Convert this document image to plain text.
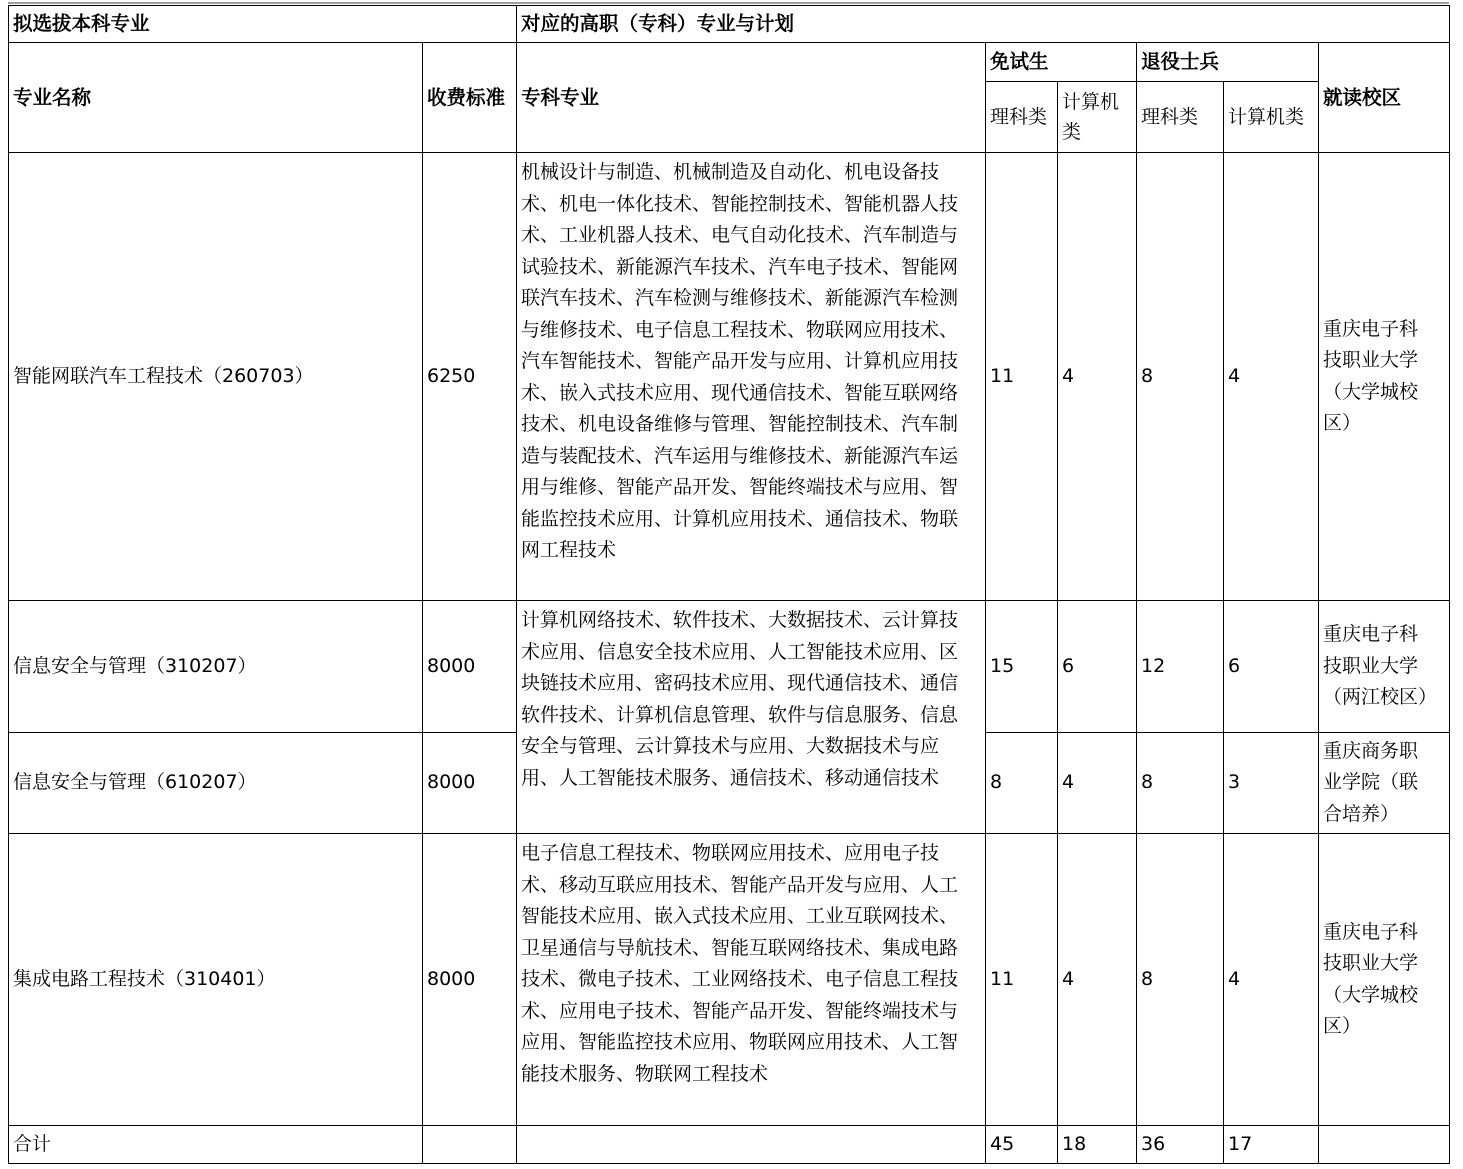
拟选拔本科专业		对应的高职（专科）专业与计划					
专业名称	收费标准	专科专业	免试生		退役士兵		就读校区
			理科类	计算机类	理科类	计算机类	
智能网联汽车工程技术（260703）	6250	机械设计与制造、机械制造及自动化、机电设备技术、机电一体化技术、智能控制技术、智能机器人技术、工业机器人技术、电气自动化技术、汽车制造与试验技术、新能源汽车技术、汽车电子技术、智能网联汽车技术、汽车检测与维修技术、新能源汽车检测与维修技术、电子信息工程技术、物联网应用技术、汽车智能技术、智能产品开发与应用、计算机应用技术、嵌入式技术应用、现代通信技术、智能互联网络技术、机电设备维修与管理、智能控制技术、汽车制造与装配技术、汽车运用与维修技术、新能源汽车运用与维修、智能产品开发、智能终端技术与应用、智能监控技术应用、计算机应用技术、通信技术、物联网工程技术	11	4	8	4	重庆电子科技职业大学（大学城校区）
信息安全与管理（310207）	8000	计算机网络技术、软件技术、大数据技术、云计算技术应用、信息安全技术应用、人工智能技术应用、区块链技术应用、密码技术应用、现代通信技术、通信软件技术、计算机信息管理、软件与信息服务、信息安全与管理、云计算技术与应用、大数据技术与应用、人工智能技术服务、通信技术、移动通信技术	15	6	12	6	重庆电子科技职业大学（两江校区）
信息安全与管理（610207）	8000		8	4	8	3	重庆商务职业学院（联合培养）
集成电路工程技术（310401）	8000	电子信息工程技术、物联网应用技术、应用电子技术、移动互联应用技术、智能产品开发与应用、人工智能技术应用、嵌入式技术应用、工业互联网技术、卫星通信与导航技术、智能互联网络技术、集成电路技术、微电子技术、工业网络技术、电子信息工程技术、应用电子技术、智能产品开发、智能终端技术与应用、智能监控技术应用、物联网应用技术、人工智能技术服务、物联网工程技术	11	4	8	4	重庆电子科技职业大学（大学城校区）
合计			45	18	36	17	
